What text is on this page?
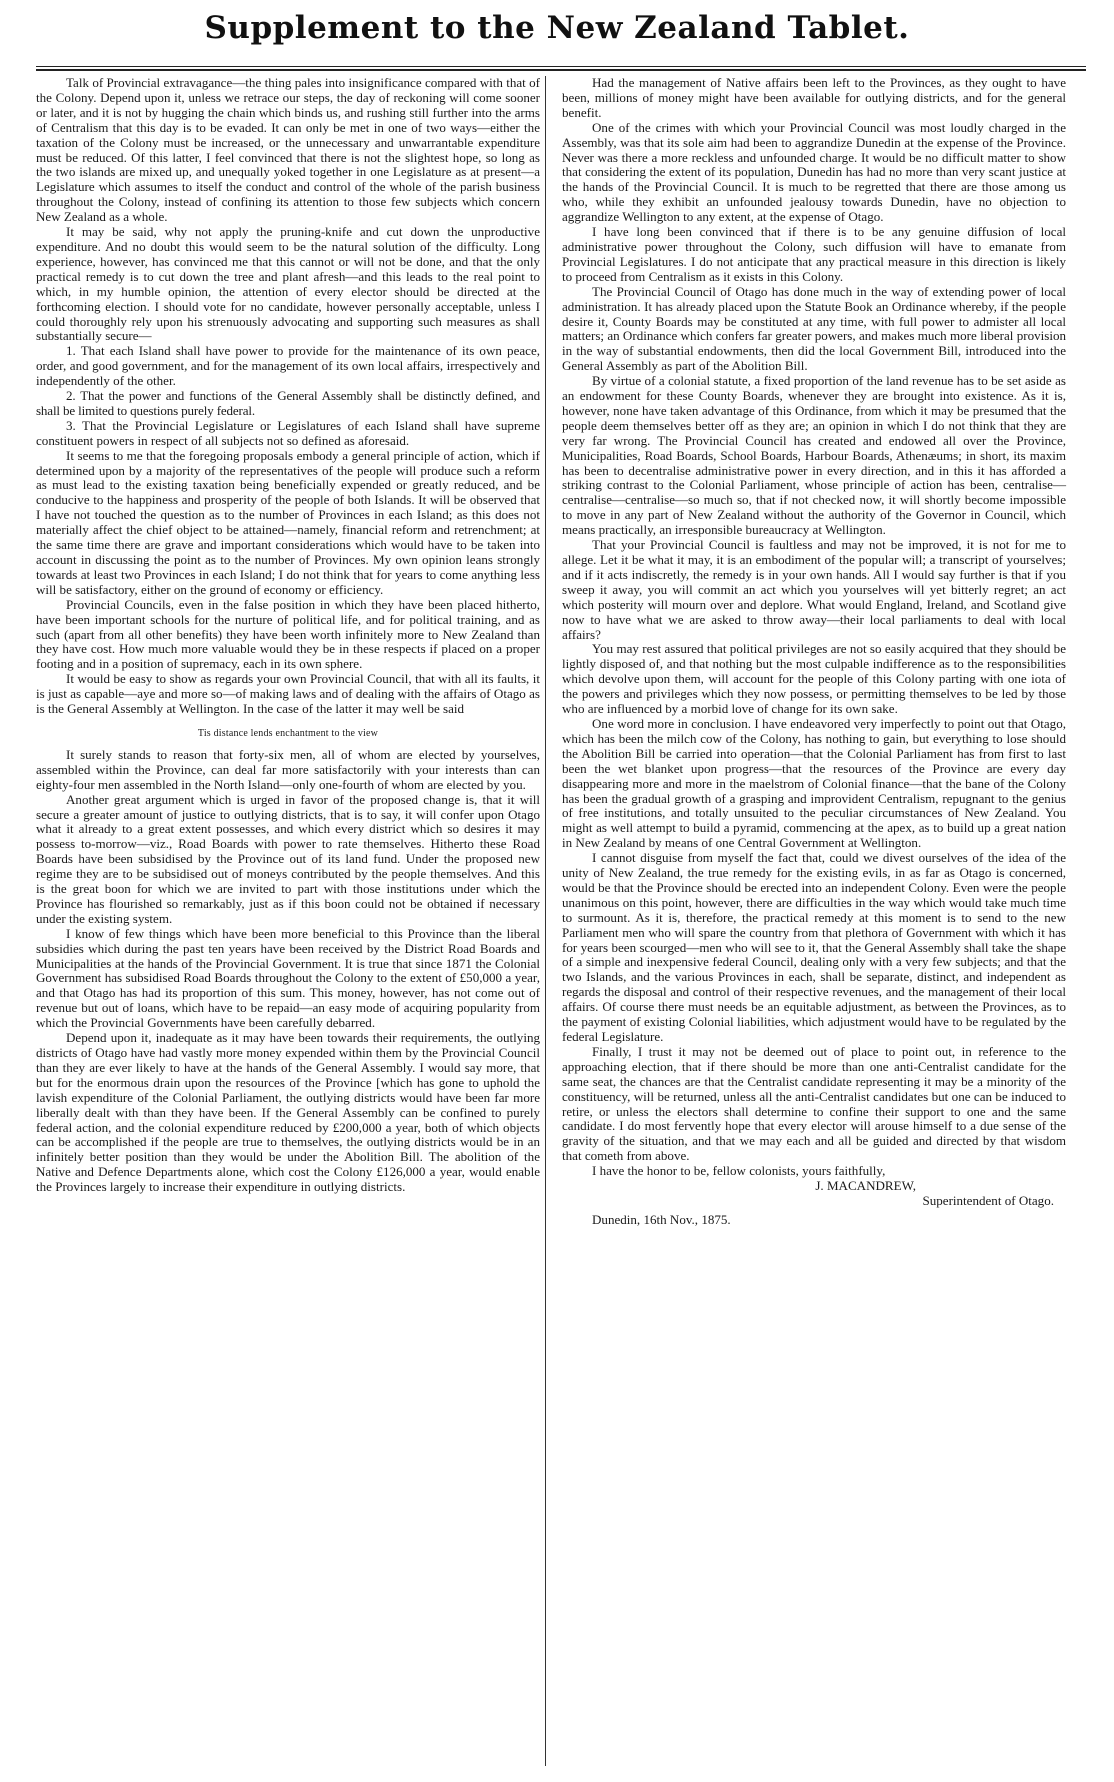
Supplement to the New Zealand Tablet.

Talk of Provincial extravagance—the thing pales into insignificance compared with that of the Colony. Depend upon it, unless we retrace our steps, the day of reckoning will come sooner or later, and it is not by hugging the chain which binds us, and rushing still further into the arms of Centralism that this day is to be evaded. It can only be met in one of two ways—either the taxation of the Colony must be increased, or the unnecessary and unwarrantable expenditure must be reduced. Of this latter, I feel convinced that there is not the slightest hope, so long as the two islands are mixed up, and unequally yoked together in one Legislature as at present—a Legislature which assumes to itself the conduct and control of the whole of the parish business throughout the Colony, instead of confining its attention to those few subjects which concern New Zealand as a whole.

It may be said, why not apply the pruning-knife and cut down the unproductive expenditure. And no doubt this would seem to be the natural solution of the difficulty. Long experience, however, has convinced me that this cannot or will not be done, and that the only practical remedy is to cut down the tree and plant afresh—and this leads to the real point to which, in my humble opinion, the attention of every elector should be directed at the forthcoming election. I should vote for no candidate, however personally acceptable, unless I could thoroughly rely upon his strenuously advocating and supporting such measures as shall substantially secure—

1. That each Island shall have power to provide for the maintenance of its own peace, order, and good government, and for the management of its own local affairs, irrespectively and independently of the other.

2. That the power and functions of the General Assembly shall be distinctly defined, and shall be limited to questions purely federal.

3. That the Provincial Legislature or Legislatures of each Island shall have supreme constituent powers in respect of all subjects not so defined as aforesaid.

It seems to me that the foregoing proposals embody a general principle of action, which if determined upon by a majority of the representatives of the people will produce such a reform as must lead to the existing taxation being beneficially expended or greatly reduced, and be conducive to the happiness and prosperity of the people of both Islands. It will be observed that I have not touched the question as to the number of Provinces in each Island; as this does not materially affect the chief object to be attained—namely, financial reform and retrenchment; at the same time there are grave and important considerations which would have to be taken into account in discussing the point as to the number of Provinces. My own opinion leans strongly towards at least two Provinces in each Island; I do not think that for years to come anything less will be satisfactory, either on the ground of economy or efficiency.

Provincial Councils, even in the false position in which they have been placed hitherto, have been important schools for the nurture of political life, and for political training, and as such (apart from all other benefits) they have been worth infinitely more to New Zealand than they have cost. How much more valuable would they be in these respects if placed on a proper footing and in a position of supremacy, each in its own sphere.

It would be easy to show as regards your own Provincial Council, that with all its faults, it is just as capable—aye and more so—of making laws and of dealing with the affairs of Otago as is the General Assembly at Wellington. In the case of the latter it may well be said

Tis distance lends enchantment to the view

It surely stands to reason that forty-six men, all of whom are elected by yourselves, assembled within the Province, can deal far more satisfactorily with your interests than can eighty-four men assembled in the North Island—only one-fourth of whom are elected by you.

Another great argument which is urged in favor of the proposed change is, that it will secure a greater amount of justice to outlying districts, that is to say, it will confer upon Otago what it already to a great extent possesses, and which every district which so desires it may possess to-morrow—viz., Road Boards with power to rate themselves. Hitherto these Road Boards have been subsidised by the Province out of its land fund. Under the proposed new regime they are to be subsidised out of moneys contributed by the people themselves. And this is the great boon for which we are invited to part with those institutions under which the Province has flourished so remarkably, just as if this boon could not be obtained if necessary under the existing system.

I know of few things which have been more beneficial to this Province than the liberal subsidies which during the past ten years have been received by the District Road Boards and Municipalities at the hands of the Provincial Government. It is true that since 1871 the Colonial Government has subsidised Road Boards throughout the Colony to the extent of £50,000 a year, and that Otago has had its proportion of this sum. This money, however, has not come out of revenue but out of loans, which have to be repaid—an easy mode of acquiring popularity from which the Provincial Governments have been carefully debarred.

Depend upon it, inadequate as it may have been towards their requirements, the outlying districts of Otago have had vastly more money expended within them by the Provincial Council than they are ever likely to have at the hands of the General Assembly. I would say more, that but for the enormous drain upon the resources of the Province [which has gone to uphold the lavish expenditure of the Colonial Parliament, the outlying districts would have been far more liberally dealt with than they have been. If the General Assembly can be confined to purely federal action, and the colonial expenditure reduced by £200,000 a year, both of which objects can be accomplished if the people are true to themselves, the outlying districts would be in an infinitely better position than they would be under the Abolition Bill. The abolition of the Native and Defence Departments alone, which cost the Colony £126,000 a year, would enable the Provinces largely to increase their expenditure in outlying districts.

Had the management of Native affairs been left to the Provinces, as they ought to have been, millions of money might have been available for outlying districts, and for the general benefit.

One of the crimes with which your Provincial Council was most loudly charged in the Assembly, was that its sole aim had been to aggrandize Dunedin at the expense of the Province. Never was there a more reckless and unfounded charge. It would be no difficult matter to show that considering the extent of its population, Dunedin has had no more than very scant justice at the hands of the Provincial Council. It is much to be regretted that there are those among us who, while they exhibit an unfounded jealousy towards Dunedin, have no objection to aggrandize Wellington to any extent, at the expense of Otago.

I have long been convinced that if there is to be any genuine diffusion of local administrative power throughout the Colony, such diffusion will have to emanate from Provincial Legislatures. I do not anticipate that any practical measure in this direction is likely to proceed from Centralism as it exists in this Colony.

The Provincial Council of Otago has done much in the way of extending power of local administration. It has already placed upon the Statute Book an Ordinance whereby, if the people desire it, County Boards may be constituted at any time, with full power to admister all local matters; an Ordinance which confers far greater powers, and makes much more liberal provision in the way of substantial endowments, then did the local Government Bill, introduced into the General Assembly as part of the Abolition Bill.

By virtue of a colonial statute, a fixed proportion of the land revenue has to be set aside as an endowment for these County Boards, whenever they are brought into existence. As it is, however, none have taken advantage of this Ordinance, from which it may be presumed that the people deem themselves better off as they are; an opinion in which I do not think that they are very far wrong. The Provincial Council has created and endowed all over the Province, Municipalities, Road Boards, School Boards, Harbour Boards, Athenæums; in short, its maxim has been to decentralise administrative power in every direction, and in this it has afforded a striking contrast to the Colonial Parliament, whose principle of action has been, centralise—centralise—centralise—so much so, that if not checked now, it will shortly become impossible to move in any part of New Zealand without the authority of the Governor in Council, which means practically, an irresponsible bureaucracy at Wellington.

That your Provincial Council is faultless and may not be improved, it is not for me to allege. Let it be what it may, it is an embodiment of the popular will; a transcript of yourselves; and if it acts indiscretly, the remedy is in your own hands. All I would say further is that if you sweep it away, you will commit an act which you yourselves will yet bitterly regret; an act which posterity will mourn over and deplore. What would England, Ireland, and Scotland give now to have what we are asked to throw away—their local parliaments to deal with local affairs?

You may rest assured that political privileges are not so easily acquired that they should be lightly disposed of, and that nothing but the most culpable indifference as to the responsibilities which devolve upon them, will account for the people of this Colony parting with one iota of the powers and privileges which they now possess, or permitting themselves to be led by those who are influenced by a morbid love of change for its own sake.

One word more in conclusion. I have endeavored very imperfectly to point out that Otago, which has been the milch cow of the Colony, has nothing to gain, but everything to lose should the Abolition Bill be carried into operation—that the Colonial Parliament has from first to last been the wet blanket upon progress—that the resources of the Province are every day disappearing more and more in the maelstrom of Colonial finance—that the bane of the Colony has been the gradual growth of a grasping and improvident Centralism, repugnant to the genius of free institutions, and totally unsuited to the peculiar circumstances of New Zealand. You might as well attempt to build a pyramid, commencing at the apex, as to build up a great nation in New Zealand by means of one Central Government at Wellington.

I cannot disguise from myself the fact that, could we divest ourselves of the idea of the unity of New Zealand, the true remedy for the existing evils, in as far as Otago is concerned, would be that the Province should be erected into an independent Colony. Even were the people unanimous on this point, however, there are difficulties in the way which would take much time to surmount. As it is, therefore, the practical remedy at this moment is to send to the new Parliament men who will spare the country from that plethora of Government with which it has for years been scourged—men who will see to it, that the General Assembly shall take the shape of a simple and inexpensive federal Council, dealing only with a very few subjects; and that the two Islands, and the various Provinces in each, shall be separate, distinct, and independent as regards the disposal and control of their respective revenues, and the management of their local affairs. Of course there must needs be an equitable adjustment, as between the Provinces, as to the payment of existing Colonial liabilities, which adjustment would have to be regulated by the federal Legislature.

Finally, I trust it may not be deemed out of place to point out, in reference to the approaching election, that if there should be more than one anti-Centralist candidate for the same seat, the chances are that the Centralist candidate representing it may be a minority of the constituency, will be returned, unless all the anti-Centralist candidates but one can be induced to retire, or unless the electors shall determine to confine their support to one and the same candidate. I do most fervently hope that every elector will arouse himself to a due sense of the gravity of the situation, and that we may each and all be guided and directed by that wisdom that cometh from above.

I have the honor to be, fellow colonists, yours faithfully,

J. MACANDREW,

Superintendent of Otago.

Dunedin, 16th Nov., 1875.
